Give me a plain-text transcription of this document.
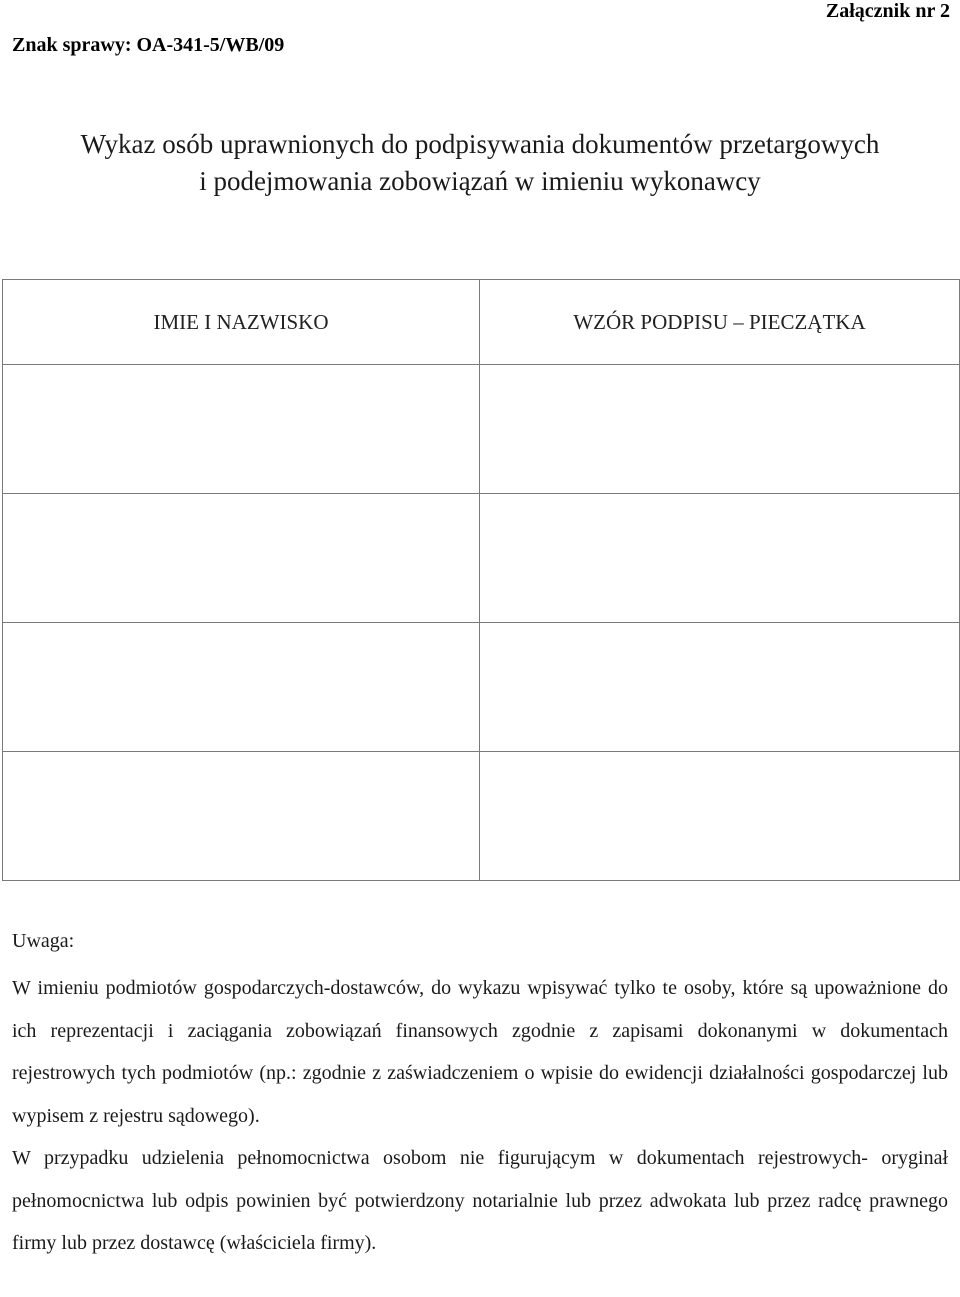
Załącznik nr 2
Znak sprawy: OA-341-5/WB/09
Wykaz osób uprawnionych do podpisywania dokumentów przetargowych
i podejmowania zobowiązań w imieniu wykonawcy
IMIE I NAZWISKO	WZÓR PODPISU – PIECZĄTKA

Uwaga:
W imieniu podmiotów gospodarczych-dostawców, do wykazu wpisywać tylko te osoby, które są upoważnione do ich reprezentacji i zaciągania zobowiązań finansowych zgodnie z zapisami dokonanymi w dokumentach rejestrowych tych podmiotów (np.: zgodnie z zaświadczeniem o wpisie do ewidencji działalności gospodarczej lub wypisem z rejestru sądowego).
W przypadku udzielenia pełnomocnictwa osobom nie figurującym w dokumentach rejestrowych- oryginał pełnomocnictwa lub odpis powinien być potwierdzony notarialnie lub przez adwokata lub przez radcę prawnego firmy lub przez dostawcę (właściciela firmy).
